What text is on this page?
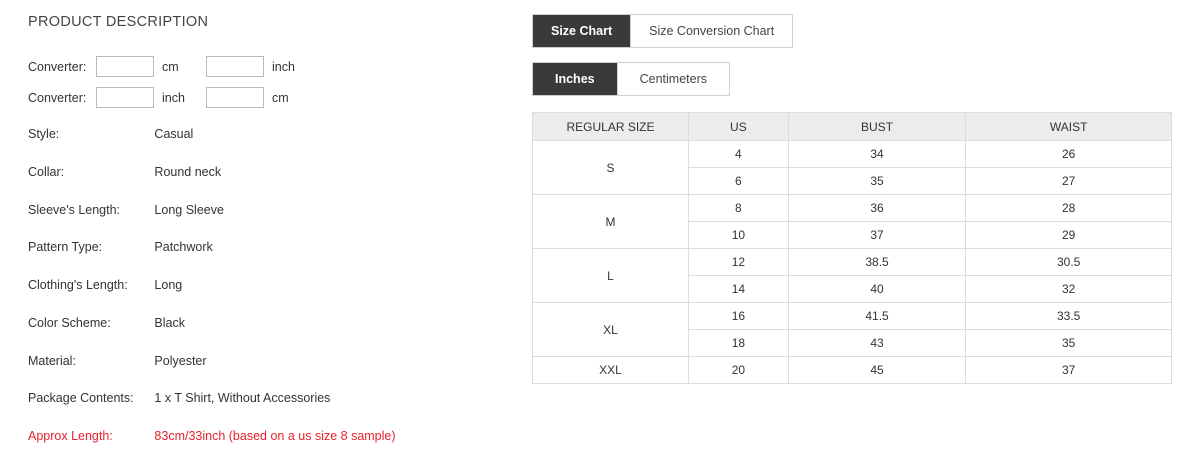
PRODUCT DESCRIPTION
Converter:	cm	inch
Converter:	inch	cm
Style:	Casual
Collar:	Round neck
Sleeve's Length:	Long Sleeve
Pattern Type:	Patchwork
Clothing's Length:	Long
Color Scheme:	Black
Material:	Polyester
Package Contents:	1 x T Shirt, Without Accessories
Approx Length:	83cm/33inch (based on a us size 8 sample)
Size Chart	Size Conversion Chart
Inches	Centimeters
REGULAR SIZE	US	BUST	WAIST
S	4	34	26
	6	35	27
M	8	36	28
	10	37	29
L	12	38.5	30.5
	14	40	32
XL	16	41.5	33.5
	18	43	35
XXL	20	45	37
